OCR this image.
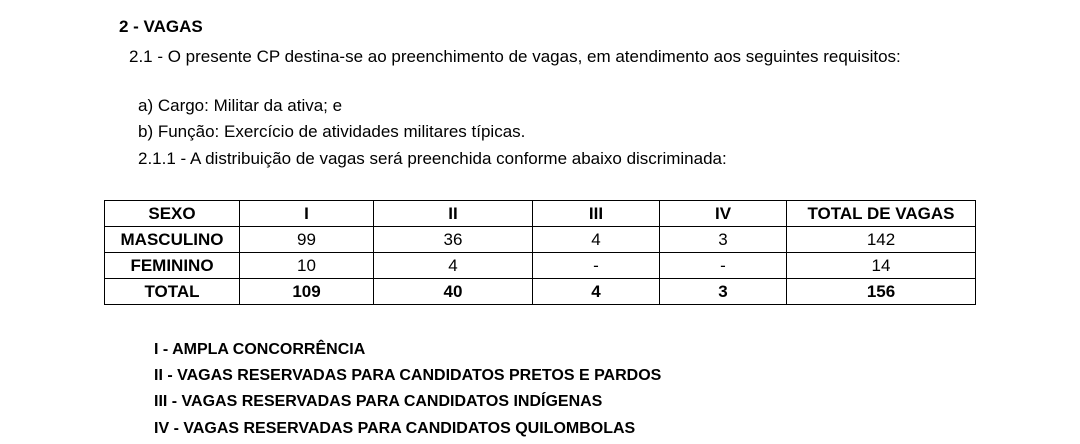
2 - VAGAS
2.1 - O presente CP destina-se ao preenchimento de vagas, em atendimento aos seguintes requisitos:
a) Cargo: Militar da ativa; e
b) Função: Exercício de atividades militares típicas.
2.1.1 - A distribuição de vagas será preenchida conforme abaixo discriminada:
SEXO	I	II	III	IV	TOTAL DE VAGAS
MASCULINO	99	36	4	3	142
FEMININO	10	4	-	-	14
TOTAL	109	40	4	3	156
I - AMPLA CONCORRÊNCIA
II - VAGAS RESERVADAS PARA CANDIDATOS PRETOS E PARDOS
III - VAGAS RESERVADAS PARA CANDIDATOS INDÍGENAS
IV - VAGAS RESERVADAS PARA CANDIDATOS QUILOMBOLAS
